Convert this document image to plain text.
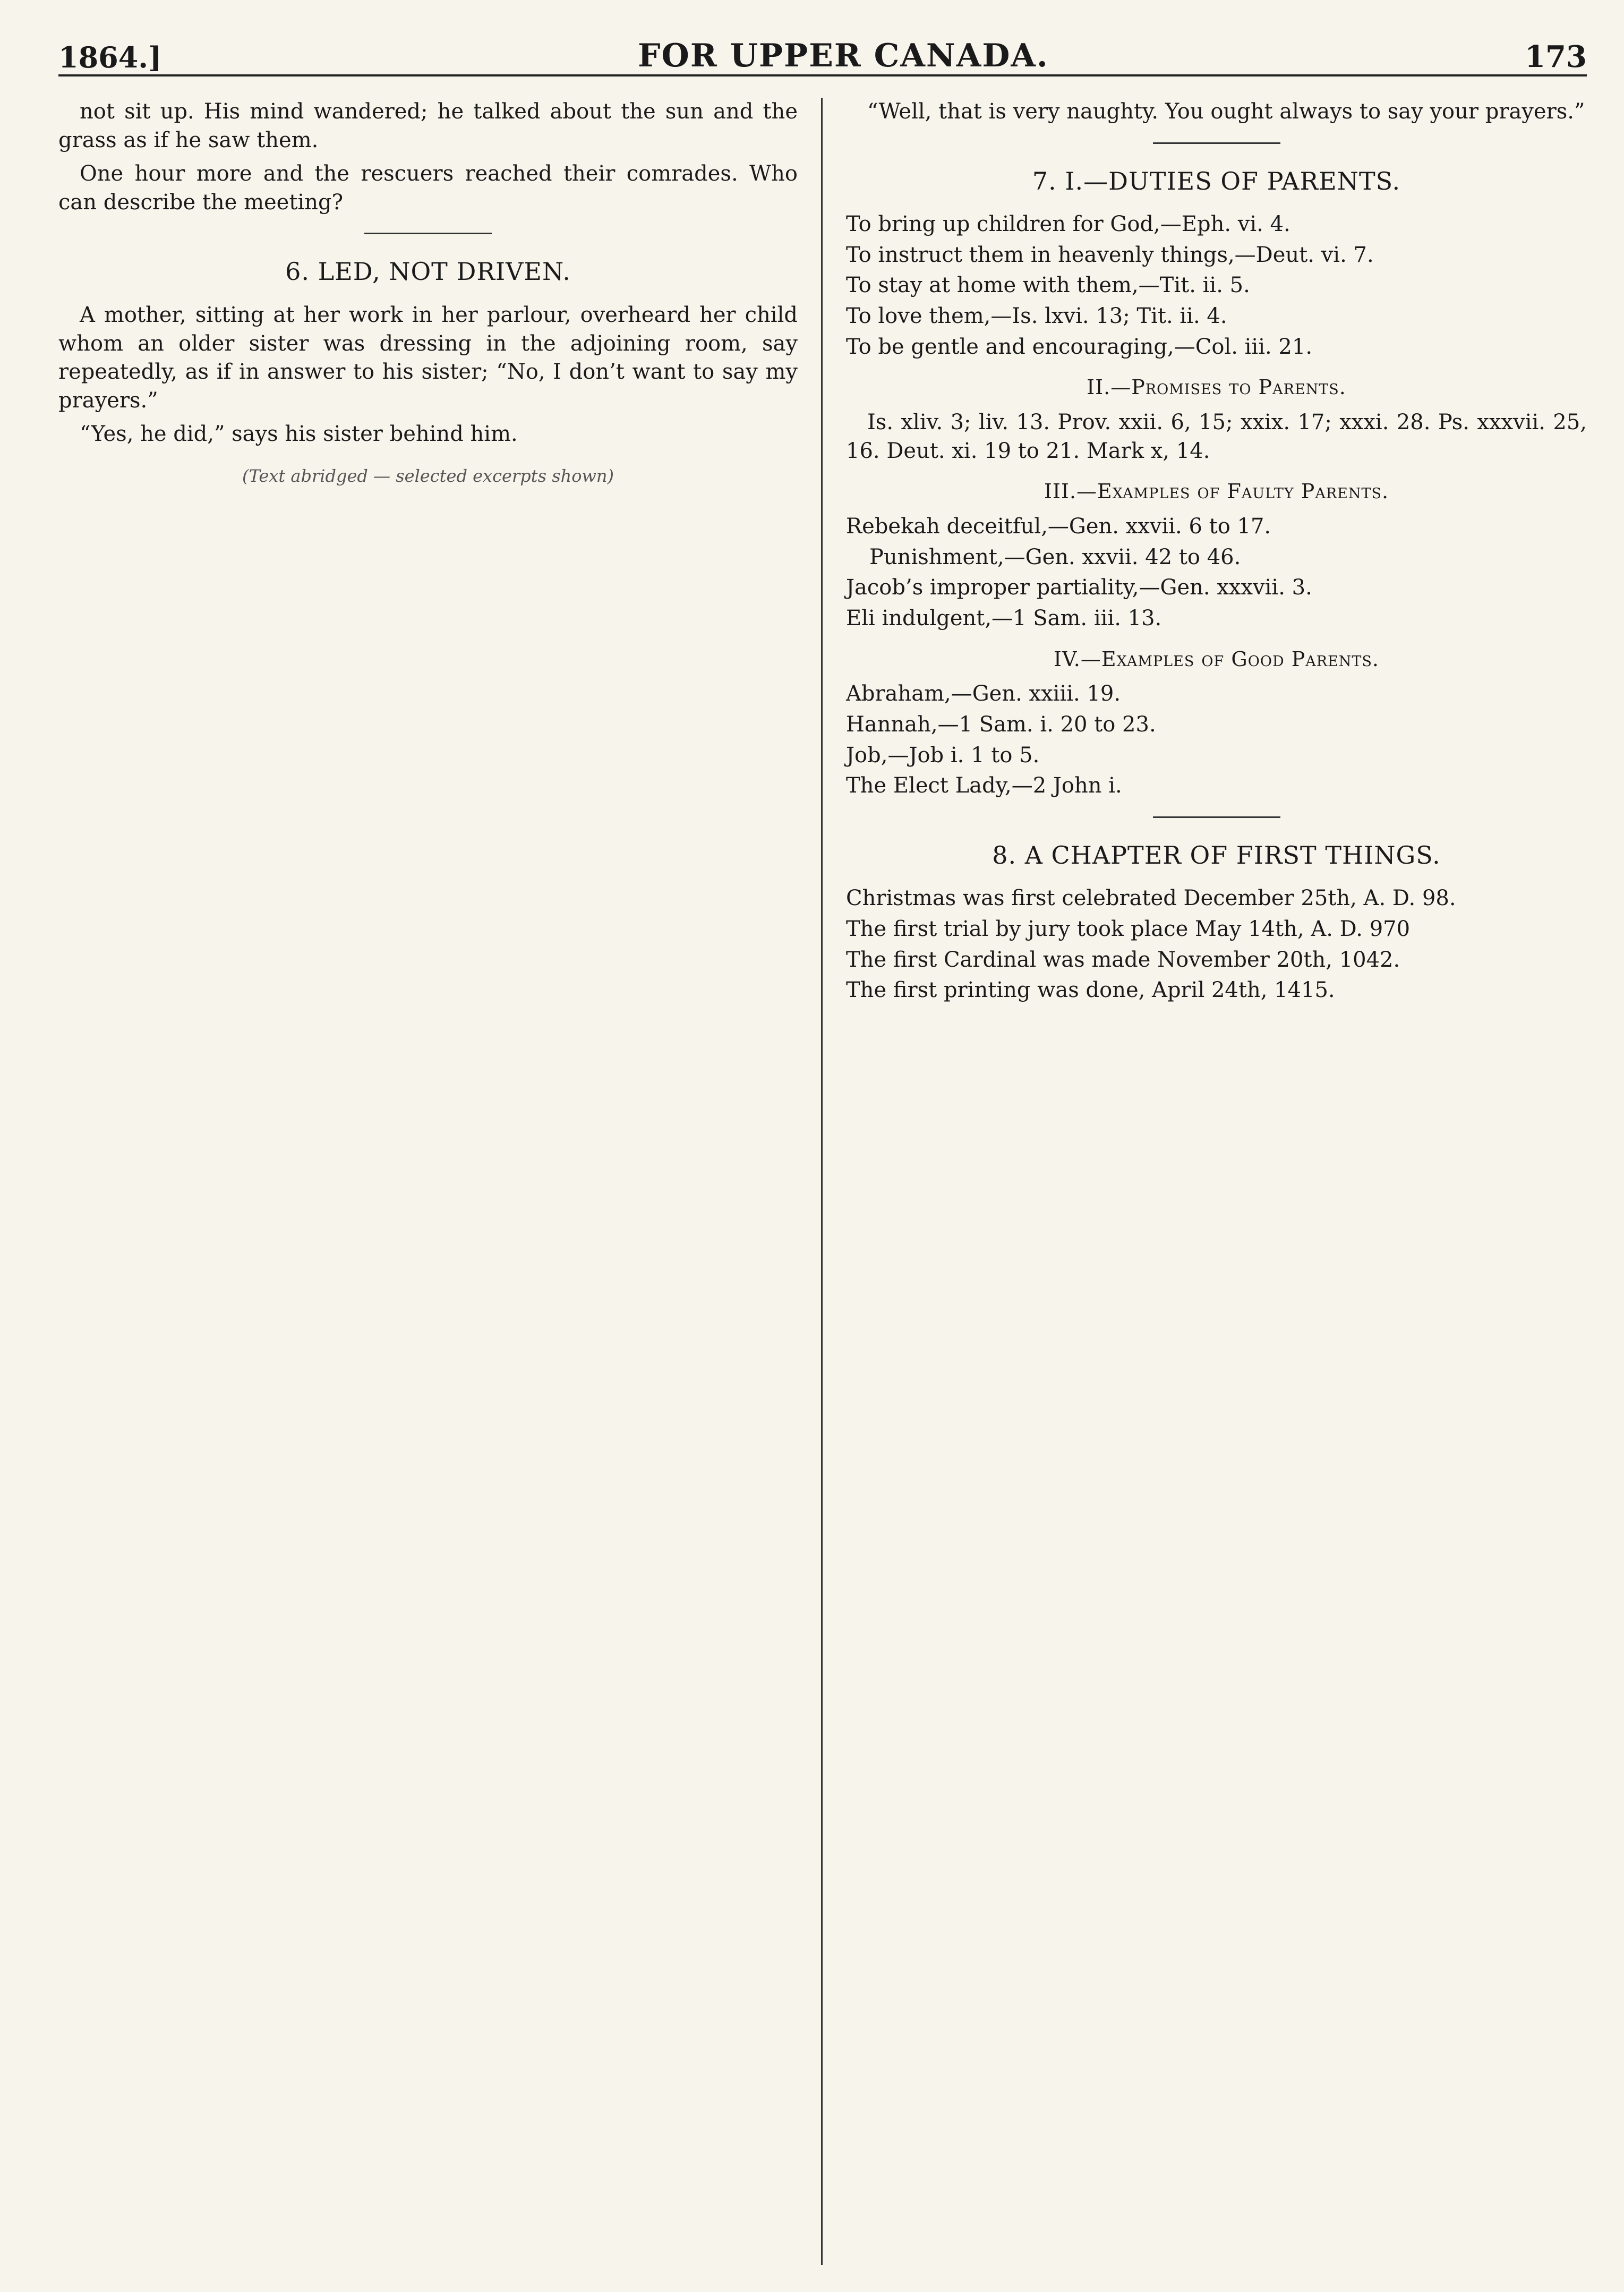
1864.]	FOR UPPER CANADA.	173

not sit up. His mind wandered; he talked about the sun and the grass as if he saw them.

One hour more and the rescuers reached their comrades. Who can describe the meeting?

6. LED, NOT DRIVEN.

A mother, sitting at her work in her parlour, overheard her child whom an older sister was dressing in the adjoining room, say repeatedly, as if in answer to his sister; “No, I don’t want to say my prayers.”

“Yes, he did,” says his sister behind him.

(Text abridged — selected excerpts shown)

“Well, that is very naughty. You ought always to say your prayers.”

7. I.—DUTIES OF PARENTS.
To bring up children for God,—Eph. vi. 4.
To instruct them in heavenly things,—Deut. vi. 7.
To stay at home with them,—Tit. ii. 5.
To love them,—Is. lxvi. 13; Tit. ii. 4.
To be gentle and encouraging,—Col. iii. 21.
II.—Promises to Parents.

Is. xliv. 3; liv. 13. Prov. xxii. 6, 15; xxix. 17; xxxi. 28. Ps. xxxvii. 25, 16. Deut. xi. 19 to 21. Mark x, 14.

III.—Examples of Faulty Parents.
Rebekah deceitful,—Gen. xxvii. 6 to 17.
Punishment,—Gen. xxvii. 42 to 46.
Jacob’s improper partiality,—Gen. xxxvii. 3.
Eli indulgent,—1 Sam. iii. 13.
IV.—Examples of Good Parents.
Abraham,—Gen. xxiii. 19.
Hannah,—1 Sam. i. 20 to 23.
Job,—Job i. 1 to 5.
The Elect Lady,—2 John i.
8. A CHAPTER OF FIRST THINGS.
Christmas was first celebrated December 25th, A. D. 98.
The first trial by jury took place May 14th, A. D. 970
The first Cardinal was made November 20th, 1042.
The first printing was done, April 24th, 1415.
